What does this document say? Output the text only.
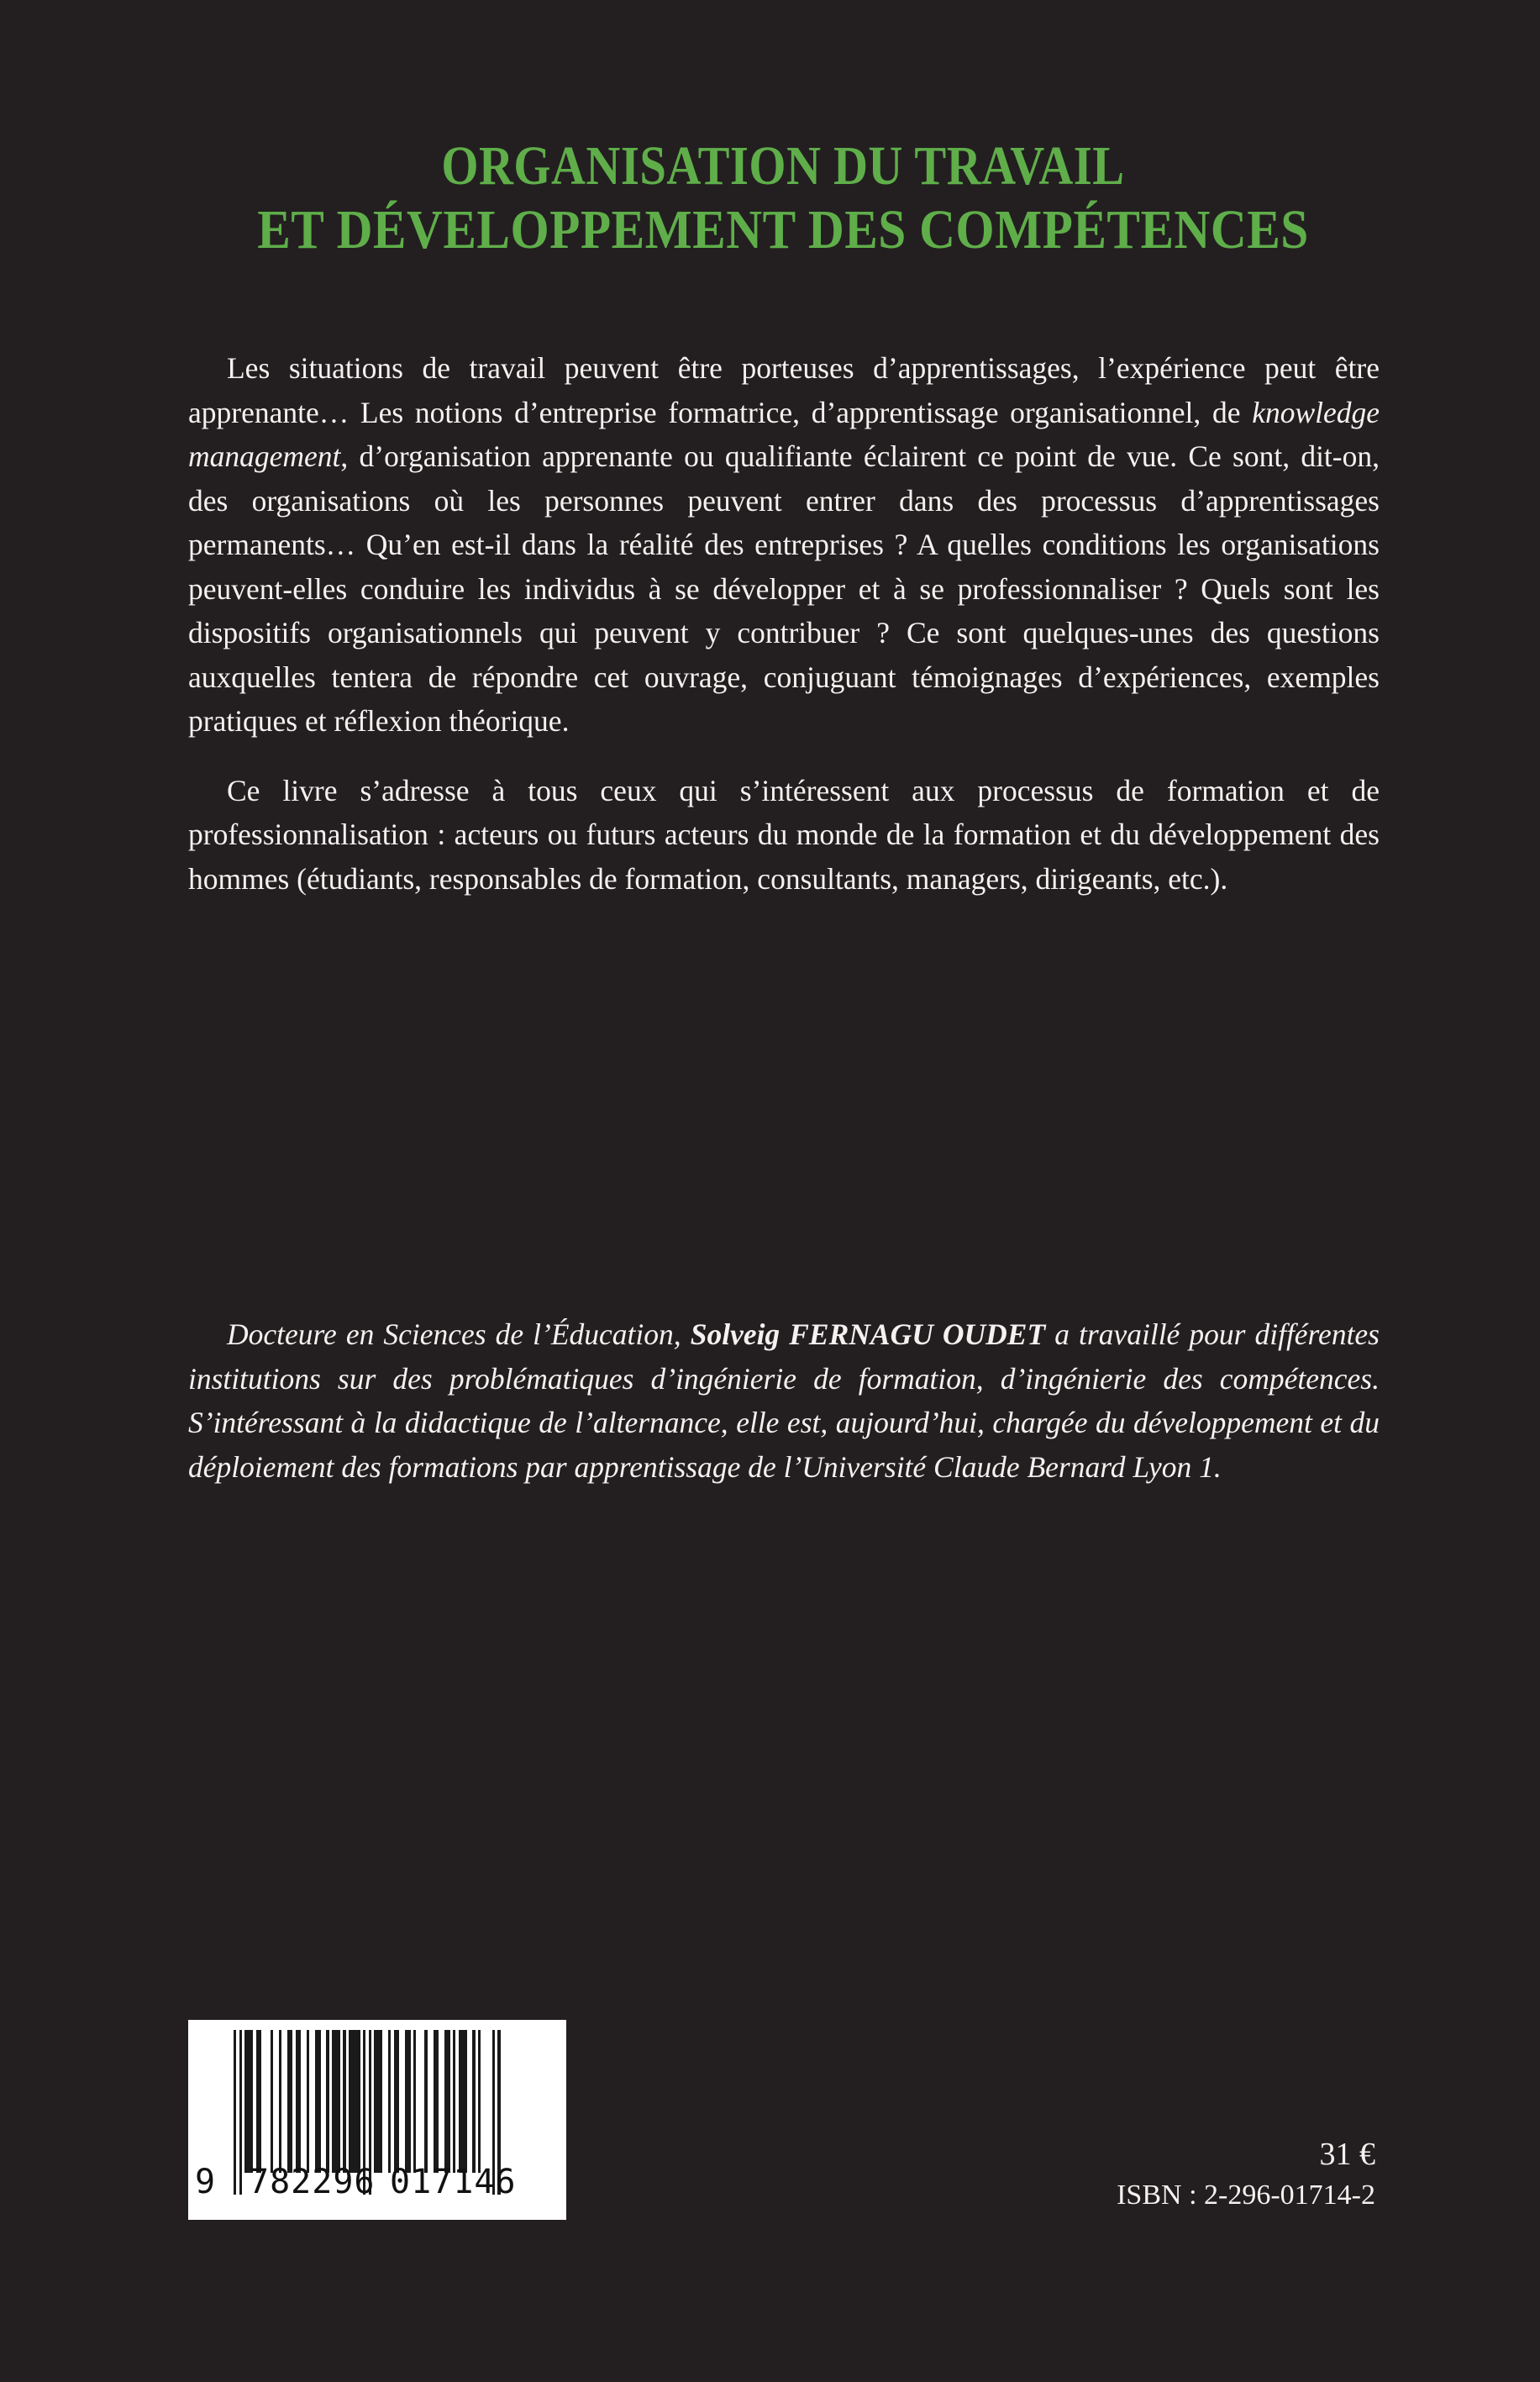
ORGANISATION DU TRAVAIL
ET DÉVELOPPEMENT DES COMPÉTENCES

Les situations de travail peuvent être porteuses d’apprentissages, l’expérience peut être apprenante… Les notions d’entreprise formatrice, d’apprentissage organisationnel, de knowledge management, d’organisation apprenante ou qualifiante éclairent ce point de vue. Ce sont, dit-on, des organisations où les personnes peuvent entrer dans des processus d’apprentissages permanents… Qu’en est-il dans la réalité des entreprises ? A quelles conditions les organisations peuvent-elles conduire les individus à se développer et à se professionnaliser ? Quels sont les dispositifs organisationnels qui peuvent y contribuer ? Ce sont quelques-unes des questions auxquelles tentera de répondre cet ouvrage, conjuguant témoignages d’expériences, exemples pratiques et réflexion théorique.

Ce livre s’adresse à tous ceux qui s’intéressent aux processus de formation et de professionnalisation : acteurs ou futurs acteurs du monde de la formation et du développement des hommes (étudiants, responsables de formation, consultants, managers, dirigeants, etc.).

Docteure en Sciences de l’Éducation, Solveig FERNAGU OUDET a travaillé pour différentes institutions sur des problématiques d’ingénierie de formation, d’ingénierie des compétences. S’intéressant à la didactique de l’alternance, elle est, aujourd’hui, chargée du développement et du déploiement des formations par apprentissage de l’Université Claude Bernard Lyon 1.

9 782296 017146
31 €
ISBN : 2-296-01714-2
